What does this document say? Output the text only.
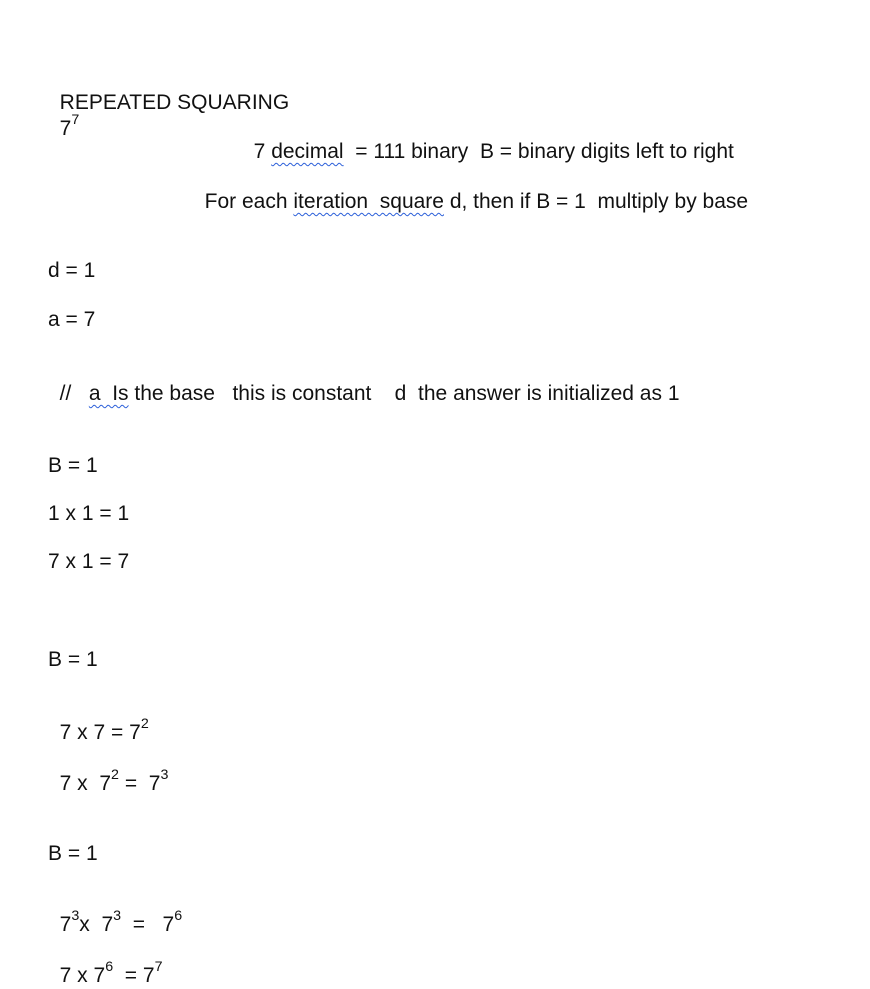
REPEATED SQUARING
$7^7$

7 decimal  = 111 binary  B = binary digits left to right

For each iteration  square d, then if B = 1  multiply by base

d = 1
a = 7

//   a  Is the base   this is constant    d  the answer is initialized as 1

B = 1
1 x 1 = 1
7 x 1 = 7
B = 1

7 x $7 = 7^2$

7 x  $7^2 = 7^3$

B = 1

$7^3x$  $7^3 = 7^6$

7 x $7^6 = 7^7$
